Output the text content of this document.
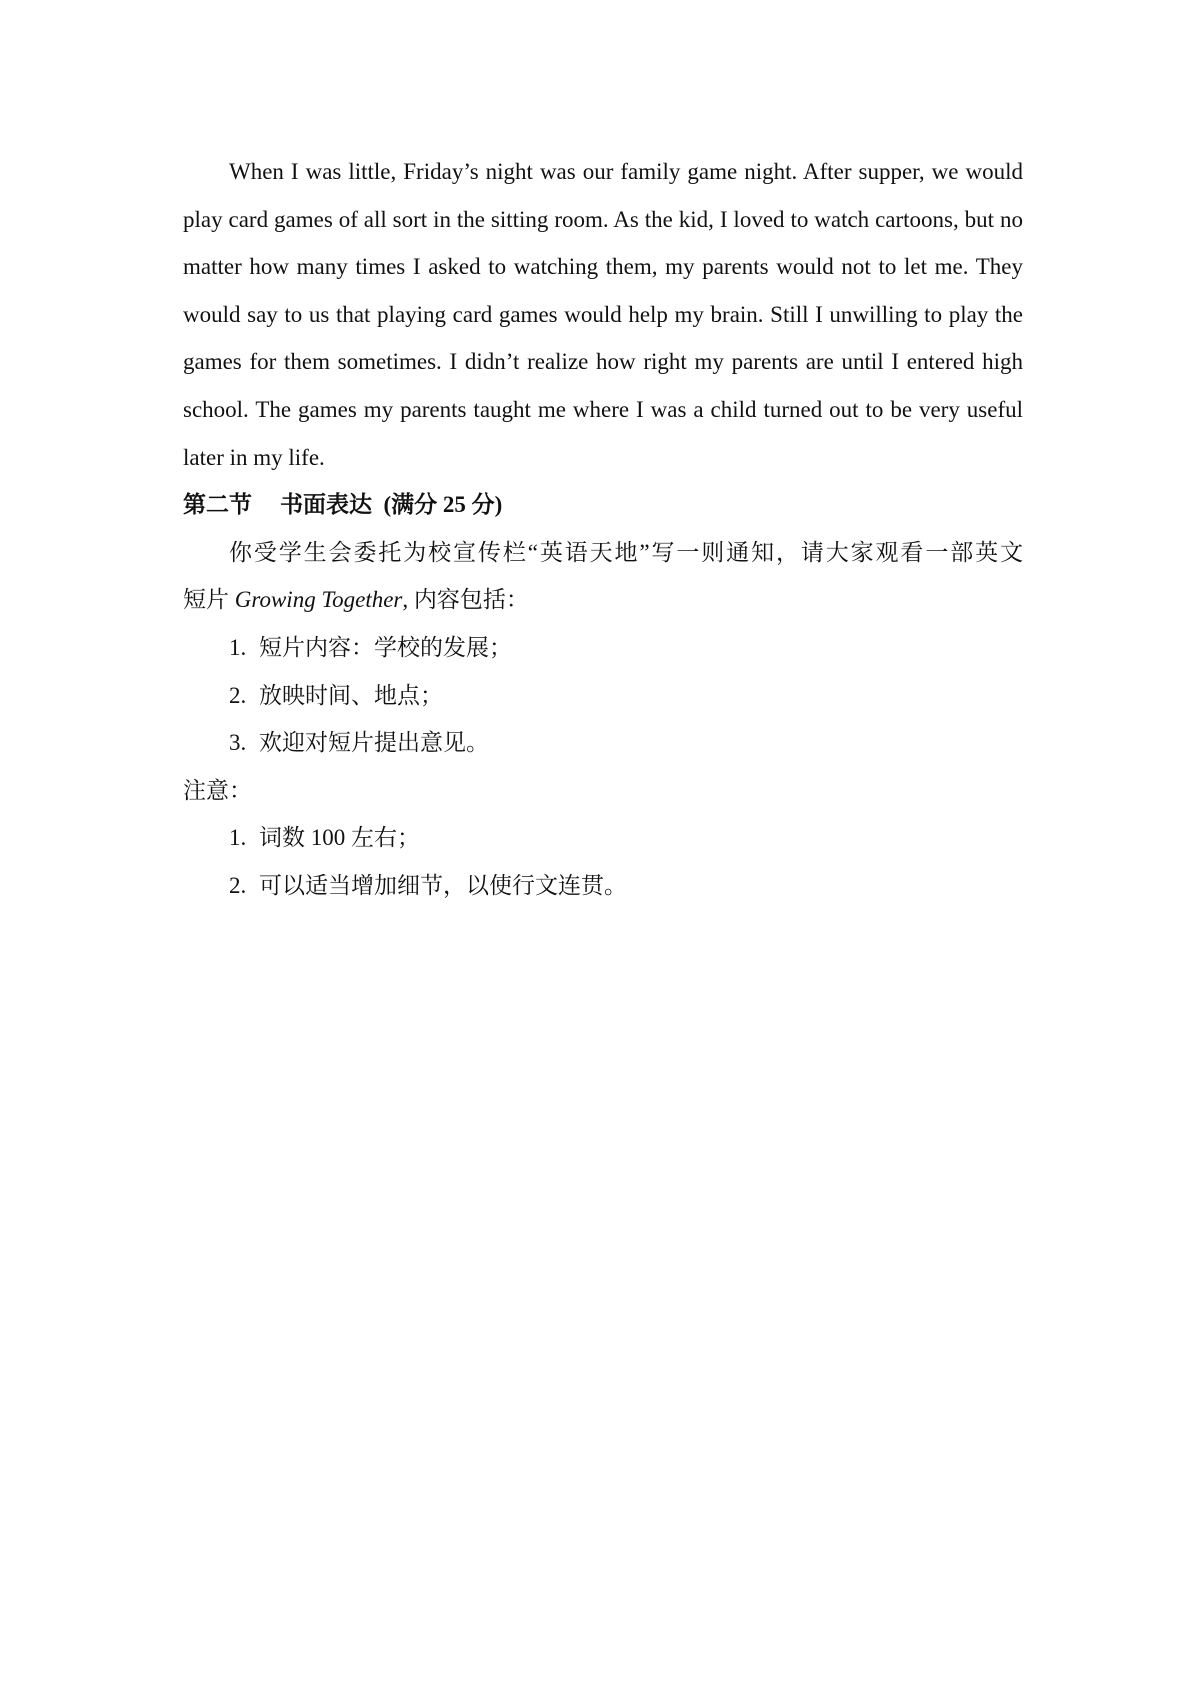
When I was little, Friday’s night was our family game night. After supper, we would play card games of all sort in the sitting room. As the kid, I loved to watch cartoons, but no matter how many times I asked to watching them, my parents would not to let me. They would say to us that playing card games would help my brain. Still I unwilling to play the games for them sometimes. I didn’t realize how right my parents are until I entered high school. The games my parents taught me where I was a child turned out to be very useful later in my life.

第二节 书面表达 (满分 25 分)
你受学生会委托为校宣传栏“英语天地”写一则通知，请大家观看一部英文
短片 Growing Together, 内容包括：
1. 短片内容：学校的发展；
2. 放映时间、地点；
3. 欢迎对短片提出意见。
注意：
1. 词数 100 左右；
2. 可以适当增加细节，以使行文连贯。
